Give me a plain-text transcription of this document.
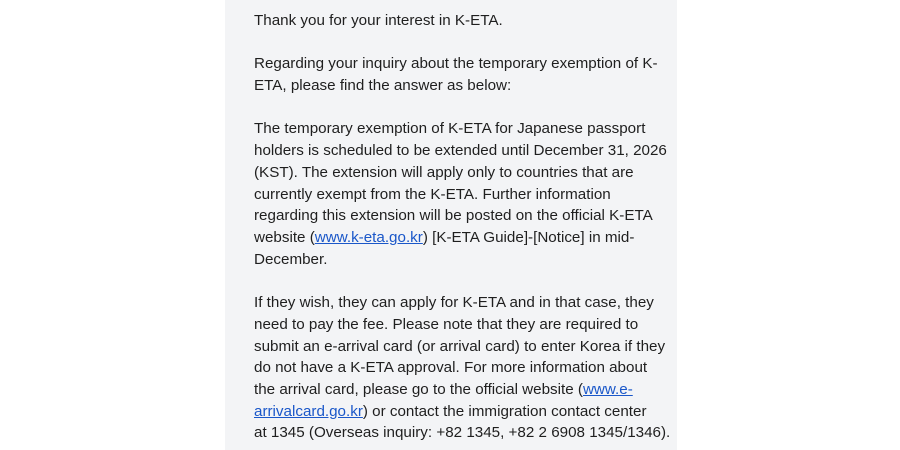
Thank you for your interest in K-ETA.

Regarding your inquiry about the temporary exemption of K-
ETA, please find the answer as below:

The temporary exemption of K-ETA for Japanese passport
holders is scheduled to be extended until December 31, 2026
(KST). The extension will apply only to countries that are
currently exempt from the K-ETA. Further information
regarding this extension will be posted on the official K-ETA
website (www.k-eta.go.kr) [K-ETA Guide]-[Notice] in mid-
December.

If they wish, they can apply for K-ETA and in that case, they
need to pay the fee. Please note that they are required to
submit an e-arrival card (or arrival card) to enter Korea if they
do not have a K-ETA approval. For more information about
the arrival card, please go to the official website (www.e-
arrivalcard.go.kr) or contact the immigration contact center
at 1345 (Overseas inquiry: +82 1345, +82 2 6908 1345/1346).
